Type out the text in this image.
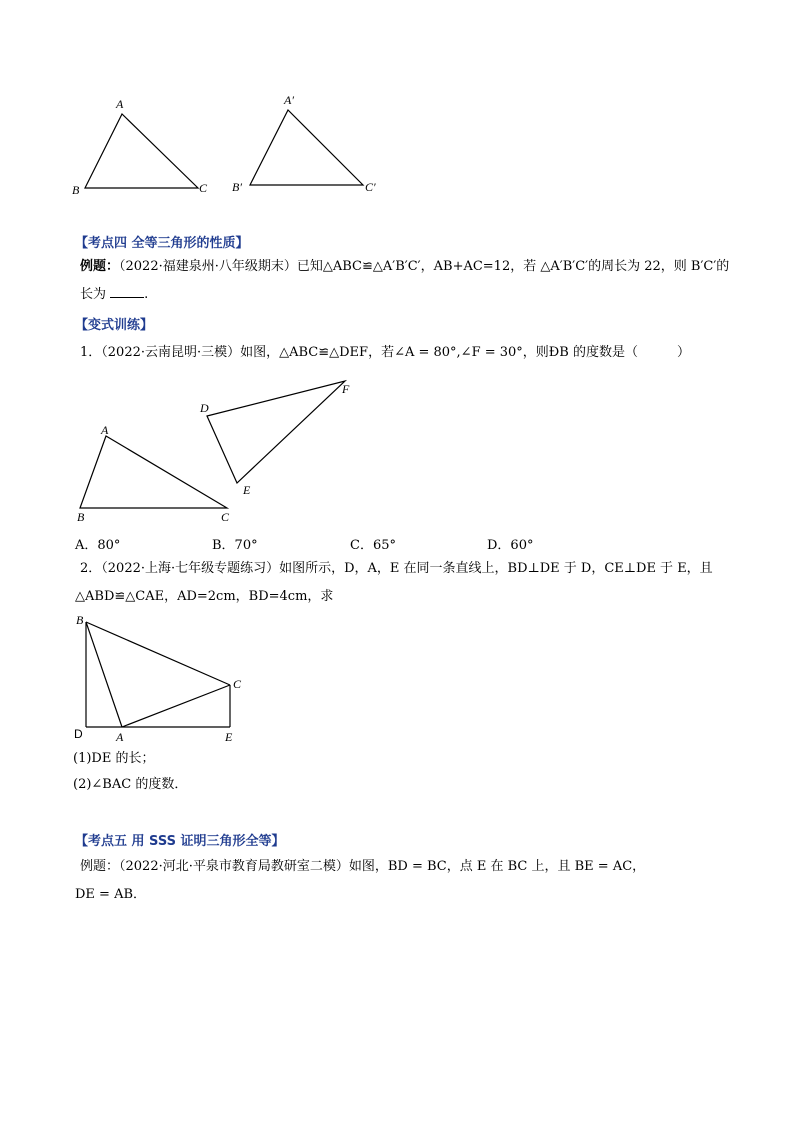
A
B	C
A′
B′	C′
【考点四 全等三角形的性质】
例题：（2022·福建泉州·八年级期末）已知△ABC≌△A′B′C′，AB+AC=12，若 △A′B′C′的周长为 22，则 B′C′的
长为	.
【变式训练】
1．（2022·云南昆明·三模）如图，△ABC≌△DEF，若∠A = 80°,∠F = 30°，则ÐB 的度数是（　　　）
A
B	C
D
E
F
A．80°	B．70°	C．65°	D．60°
2．（2022·上海·七年级专题练习）如图所示，D，A，E 在同一条直线上，BD⊥DE 于 D，CE⊥DE 于 E，且
△ABD≌△CAE，AD=2cm，BD=4cm，求
B
C
D	A	E
(1)DE 的长；
(2)∠BAC 的度数．
【考点五 用 SSS 证明三角形全等】
例题：（2022·河北·平泉市教育局教研室二模）如图，BD = BC，点 E 在 BC 上，且 BE = AC，
DE = AB．
